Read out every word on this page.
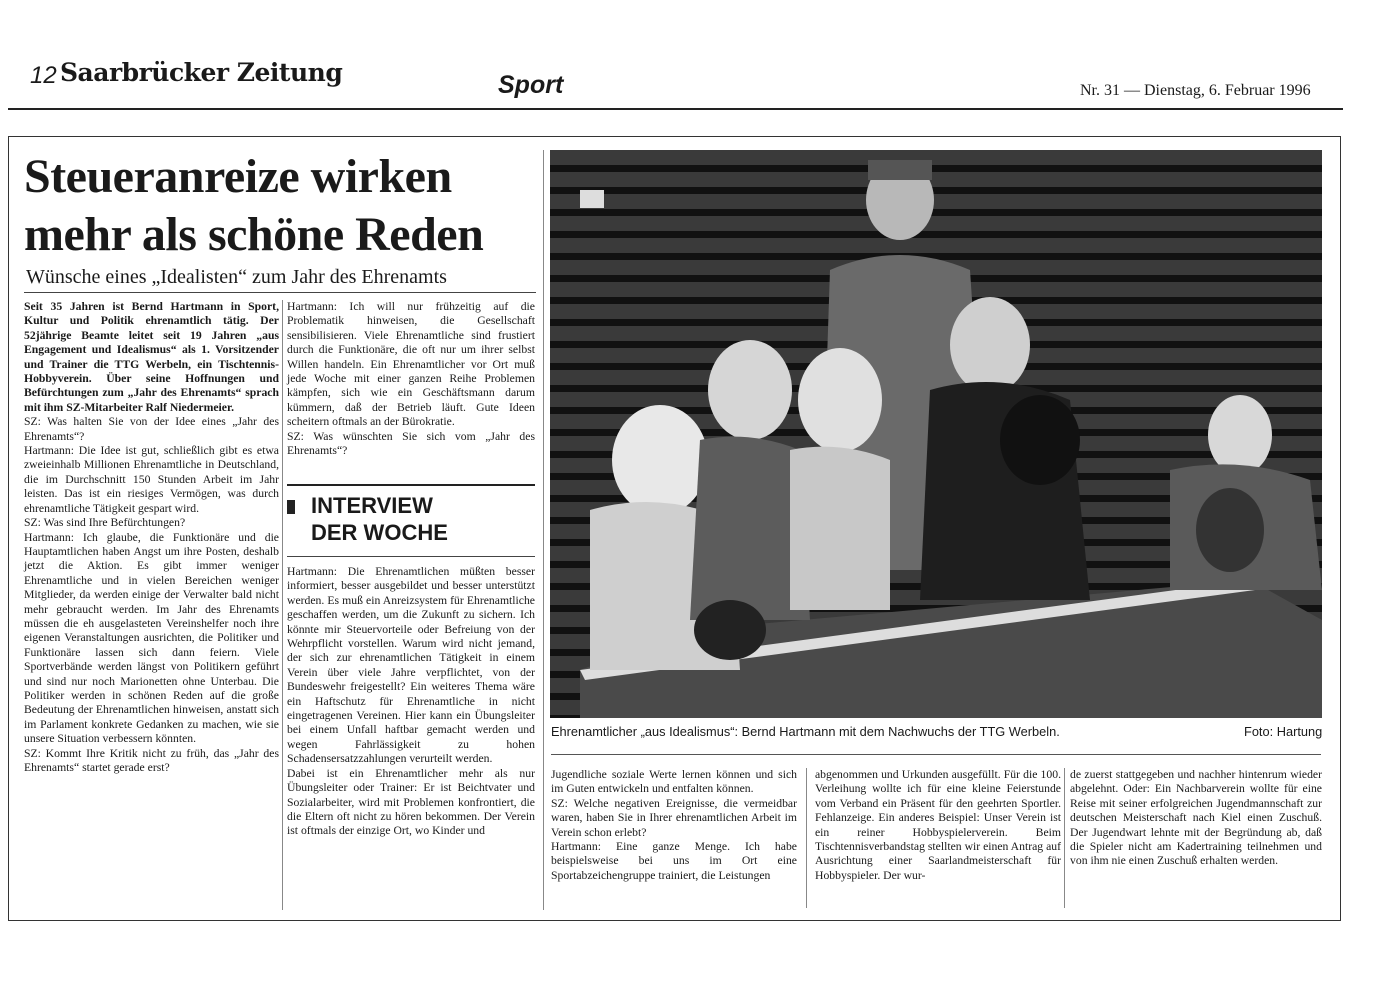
12 Saarbrücker Zeitung	Sport	Nr. 31 — Dienstag, 6. Februar 1996
Steueranreize wirken
mehr als schöne Reden
Wünsche eines „Idealisten“ zum Jahr des Ehrenamts

Seit 35 Jahren ist Bernd Hartmann in Sport, Kultur und Politik ehrenamtlich tätig. Der 52jährige Beamte leitet seit 19 Jahren „aus Engagement und Idealismus“ als 1. Vorsitzender und Trainer die TTG Werbeln, ein Tischtennis-Hobbyverein. Über seine Hoffnungen und Befürchtungen zum „Jahr des Ehrenamts“ sprach mit ihm SZ-Mitarbeiter Ralf Niedermeier.

SZ: Was halten Sie von der Idee eines „Jahr des Ehrenamts“?

Hartmann: Die Idee ist gut, schließlich gibt es etwa zweieinhalb Millionen Ehrenamtliche in Deutschland, die im Durchschnitt 150 Stunden Arbeit im Jahr leisten. Das ist ein riesiges Vermögen, was durch ehrenamtliche Tätigkeit gespart wird.

SZ: Was sind Ihre Befürchtungen?

Hartmann: Ich glaube, die Funktionäre und die Hauptamtlichen haben Angst um ihre Posten, deshalb jetzt die Aktion. Es gibt immer weniger Ehrenamtliche und in vielen Bereichen weniger Mitglieder, da werden einige der Verwalter bald nicht mehr gebraucht werden. Im Jahr des Ehrenamts müssen die eh ausgelasteten Vereinshelfer noch ihre eigenen Veranstaltungen ausrichten, die Politiker und Funktionäre lassen sich dann feiern. Viele Sportverbände werden längst von Politikern geführt und sind nur noch Marionetten ohne Unterbau. Die Politiker werden in schönen Reden auf die große Bedeutung der Ehrenamtlichen hinweisen, anstatt sich im Parlament konkrete Gedanken zu machen, wie sie unsere Situation verbessern könnten.

SZ: Kommt Ihre Kritik nicht zu früh, das „Jahr des Ehrenamts“ startet gerade erst?

Hartmann: Ich will nur frühzeitig auf die Problematik hinweisen, die Gesellschaft sensibilisieren. Viele Ehrenamtliche sind frustiert durch die Funktionäre, die oft nur um ihrer selbst Willen handeln. Ein Ehrenamtlicher vor Ort muß jede Woche mit einer ganzen Reihe Problemen kämpfen, sich wie ein Geschäftsmann darum kümmern, daß der Betrieb läuft. Gute Ideen scheitern oftmals an der Bürokratie.

SZ: Was wünschten Sie sich vom „Jahr des Ehrenamts“?

INTERVIEW
DER WOCHE

Hartmann: Die Ehrenamtlichen müßten besser informiert, besser ausgebildet und besser unterstützt werden. Es muß ein Anreizsystem für Ehrenamtliche geschaffen werden, um die Zukunft zu sichern. Ich könnte mir Steuervorteile oder Befreiung von der Wehrpflicht vorstellen. Warum wird nicht jemand, der sich zur ehrenamtlichen Tätigkeit in einem Verein über viele Jahre verpflichtet, von der Bundeswehr freigestellt? Ein weiteres Thema wäre ein Haftschutz für Ehrenamtliche in nicht eingetragenen Vereinen. Hier kann ein Übungsleiter bei einem Unfall haftbar gemacht werden und wegen Fahrlässigkeit zu hohen Schadensersatzzahlungen verurteilt werden.

Dabei ist ein Ehrenamtlicher mehr als nur Übungsleiter oder Trainer: Er ist Beichtvater und Sozialarbeiter, wird mit Problemen konfrontiert, die die Eltern oft nicht zu hören bekommen. Der Verein ist oftmals der einzige Ort, wo Kinder und

Ehrenamtlicher „aus Idealismus“: Bernd Hartmann mit dem Nachwuchs der TTG Werbeln.	Foto: Hartung

Jugendliche soziale Werte lernen können und sich im Guten entwickeln und entfalten können.

SZ: Welche negativen Ereignisse, die vermeidbar waren, haben Sie in Ihrer ehrenamtlichen Arbeit im Verein schon erlebt?

Hartmann: Eine ganze Menge. Ich habe beispielsweise bei uns im Ort eine Sportabzeichengruppe trainiert, die Leistungen

abgenommen und Urkunden ausgefüllt. Für die 100. Verleihung wollte ich für eine kleine Feierstunde vom Verband ein Präsent für den geehrten Sportler. Fehlanzeige. Ein anderes Beispiel: Unser Verein ist ein reiner Hobbyspielerverein. Beim Tischtennisverbandstag stellten wir einen Antrag auf Ausrichtung einer Saarlandmeisterschaft für Hobbyspieler. Der wur-

de zuerst stattgegeben und nachher hintenrum wieder abgelehnt. Oder: Ein Nachbarverein wollte für eine Reise mit seiner erfolgreichen Jugendmannschaft zur deutschen Meisterschaft nach Kiel einen Zuschuß. Der Jugendwart lehnte mit der Begründung ab, daß die Spieler nicht am Kadertraining teilnehmen und von ihm nie einen Zuschuß erhalten werden.
